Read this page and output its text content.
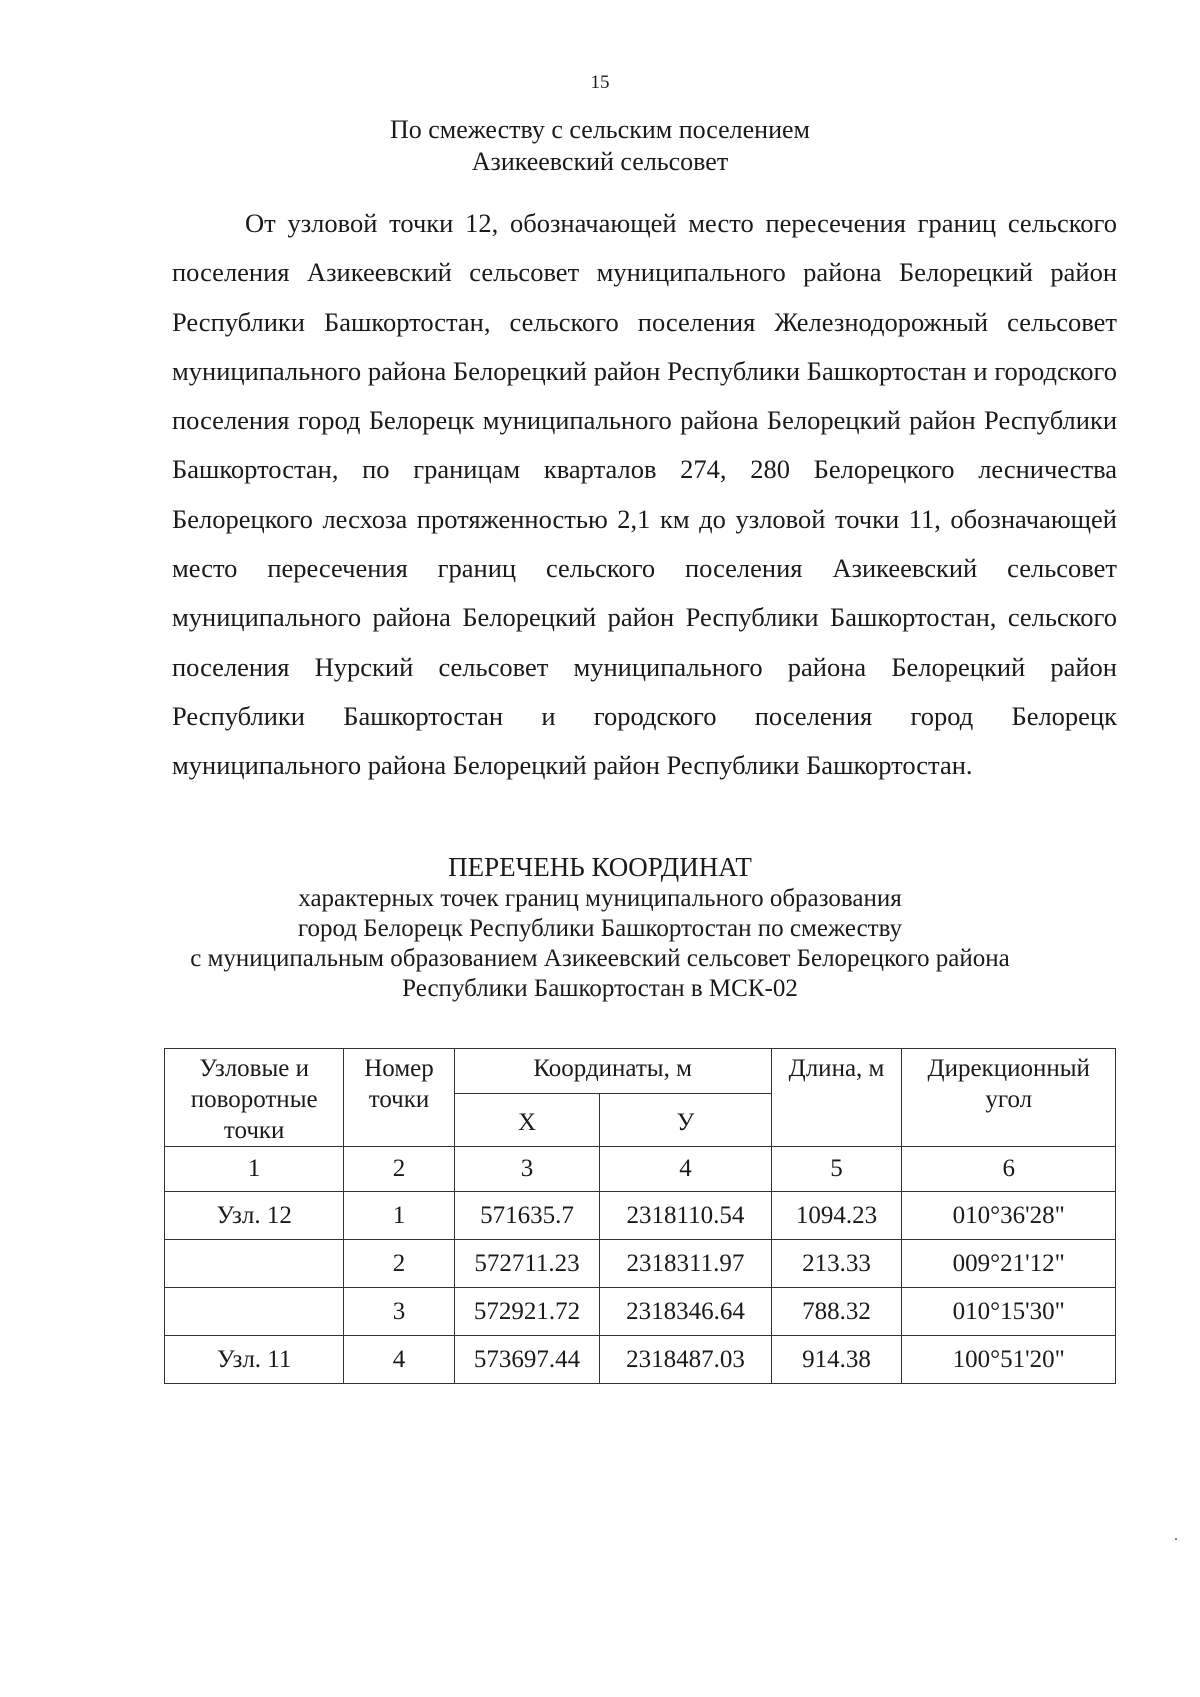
15
По смежеству с сельским поселением
Азикеевский сельсовет

От узловой точки 12, обозначающей место пересечения границ сельского поселения Азикеевский сельсовет муниципального района Белорецкий район Республики Башкортостан, сельского поселения Железнодорожный сельсовет муниципального района Белорецкий район Республики Башкортостан и городского поселения город Белорецк муниципального района Белорецкий район Республики Башкортостан, по границам кварталов 274, 280 Белорецкого лесничества Белорецкого лесхоза протяженностью 2,1 км до узловой точки 11, обозначающей место пересечения границ сельского поселения Азикеевский сельсовет муниципального района Белорецкий район Республики Башкортостан, сельского поселения Нурский сельсовет муниципального района Белорецкий район Республики Башкортостан и городского поселения город Белорецк муниципального района Белорецкий район Республики Башкортостан.

ПЕРЕЧЕНЬ КООРДИНАТ
характерных точек границ муниципального образования
город Белорецк Республики Башкортостан по смежеству
с муниципальным образованием Азикеевский сельсовет Белорецкого района
Республики Башкортостан в МСК-02
Узловые и поворотные точки	Номер точки	Координаты, м		Длина, м	Дирекционный угол
		Х	У		
1	2	3	4	5	6
Узл. 12	1	571635.7	2318110.54	1094.23	010°36'28"
	2	572711.23	2318311.97	213.33	009°21'12"
	3	572921.72	2318346.64	788.32	010°15'30"
Узл. 11	4	573697.44	2318487.03	914.38	100°51'20"
